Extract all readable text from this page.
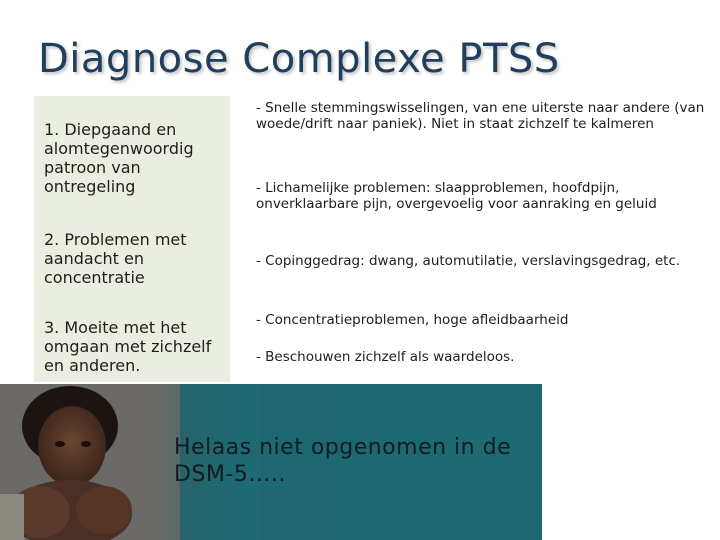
Diagnose Complexe PTSS
1. Diepgaand en alomtegenwoordig patroon van ontregeling
2. Problemen met aandacht en concentratie
3. Moeite met het omgaan met zichzelf en anderen.
- Snelle stemmingswisselingen, van ene uiterste naar andere (van woede/drift naar paniek). Niet in staat zichzelf te kalmeren
- Lichamelijke problemen: slaapproblemen, hoofdpijn, onverklaarbare pijn, overgevoelig voor aanraking en geluid
- Copinggedrag: dwang, automutilatie, verslavingsgedrag, etc.
- Concentratieproblemen, hoge afleidbaarheid
- Beschouwen zichzelf als waardeloos.
Helaas niet opgenomen in de DSM-5…..
